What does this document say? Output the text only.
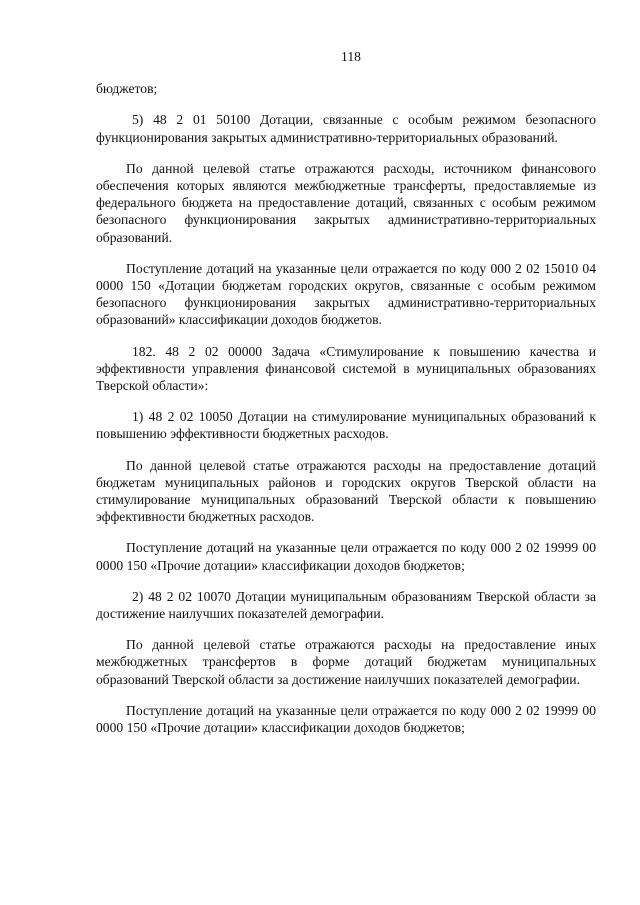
118

бюджетов;

5) 48 2 01 50100 Дотации, связанные с особым режимом безопасного функционирования закрытых административно-территориальных образований.

По данной целевой статье отражаются расходы, источником финансового обеспечения которых являются межбюджетные трансферты, предоставляемые из федерального бюджета на предоставление дотаций, связанных с особым режимом безопасного функционирования закрытых административно-территориальных образований.

Поступление дотаций на указанные цели отражается по коду 000 2 02 15010 04 0000 150 «Дотации бюджетам городских округов, связанные с особым режимом безопасного функционирования закрытых административно-территориальных образований» классификации доходов бюджетов.

182. 48 2 02 00000 Задача «Стимулирование к повышению качества и эффективности управления финансовой системой в муниципальных образованиях Тверской области»:

1) 48 2 02 10050 Дотации на стимулирование муниципальных образований к повышению эффективности бюджетных расходов.

По данной целевой статье отражаются расходы на предоставление дотаций бюджетам муниципальных районов и городских округов Тверской области на стимулирование муниципальных образований Тверской области к повышению эффективности бюджетных расходов.

Поступление дотаций на указанные цели отражается по коду 000 2 02 19999 00 0000 150 «Прочие дотации» классификации доходов бюджетов;

2) 48 2 02 10070 Дотации муниципальным образованиям Тверской области за достижение наилучших показателей демографии.

По данной целевой статье отражаются расходы на предоставление иных межбюджетных трансфертов в форме дотаций бюджетам муниципальных образований Тверской области за достижение наилучших показателей демографии.

Поступление дотаций на указанные цели отражается по коду 000 2 02 19999 00 0000 150 «Прочие дотации» классификации доходов бюджетов;
